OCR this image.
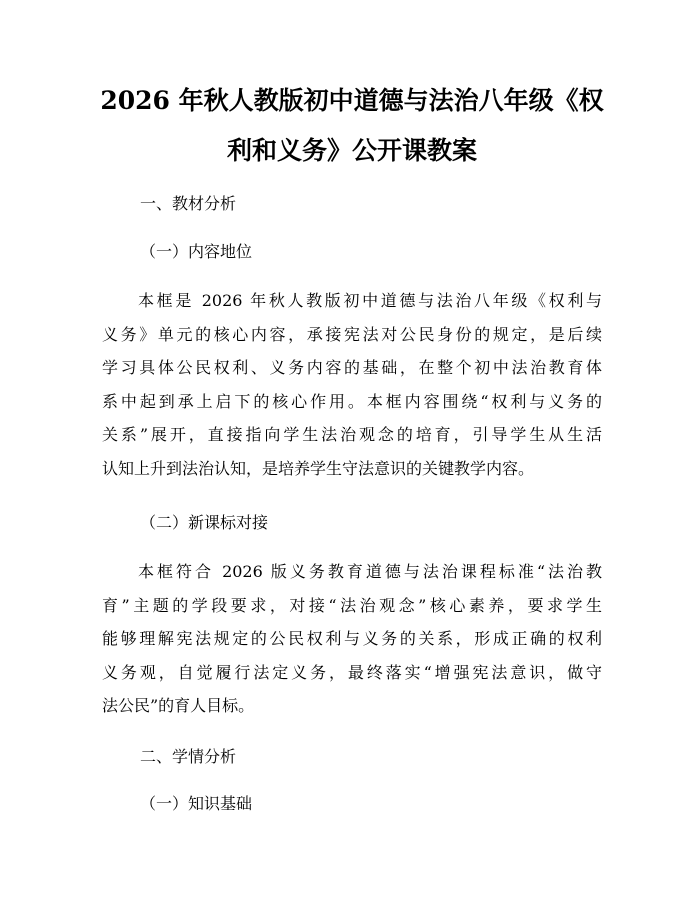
2026 年秋人教版初中道德与法治八年级《权
利和义务》公开课教案

一、教材分析

（一）内容地位

本框是 2026 年秋人教版初中道德与法治八年级《权利与
义务》单元的核心内容，承接宪法对公民身份的规定，是后续
学习具体公民权利、义务内容的基础，在整个初中法治教育体
系中起到承上启下的核心作用。本框内容围绕“权利与义务的
关系”展开，直接指向学生法治观念的培育，引导学生从生活
认知上升到法治认知，是培养学生守法意识的关键教学内容。

（二）新课标对接

本框符合 2026 版义务教育道德与法治课程标准“法治教
育”主题的学段要求，对接“法治观念”核心素养，要求学生
能够理解宪法规定的公民权利与义务的关系，形成正确的权利
义务观，自觉履行法定义务，最终落实“增强宪法意识，做守
法公民”的育人目标。

二、学情分析

（一）知识基础
